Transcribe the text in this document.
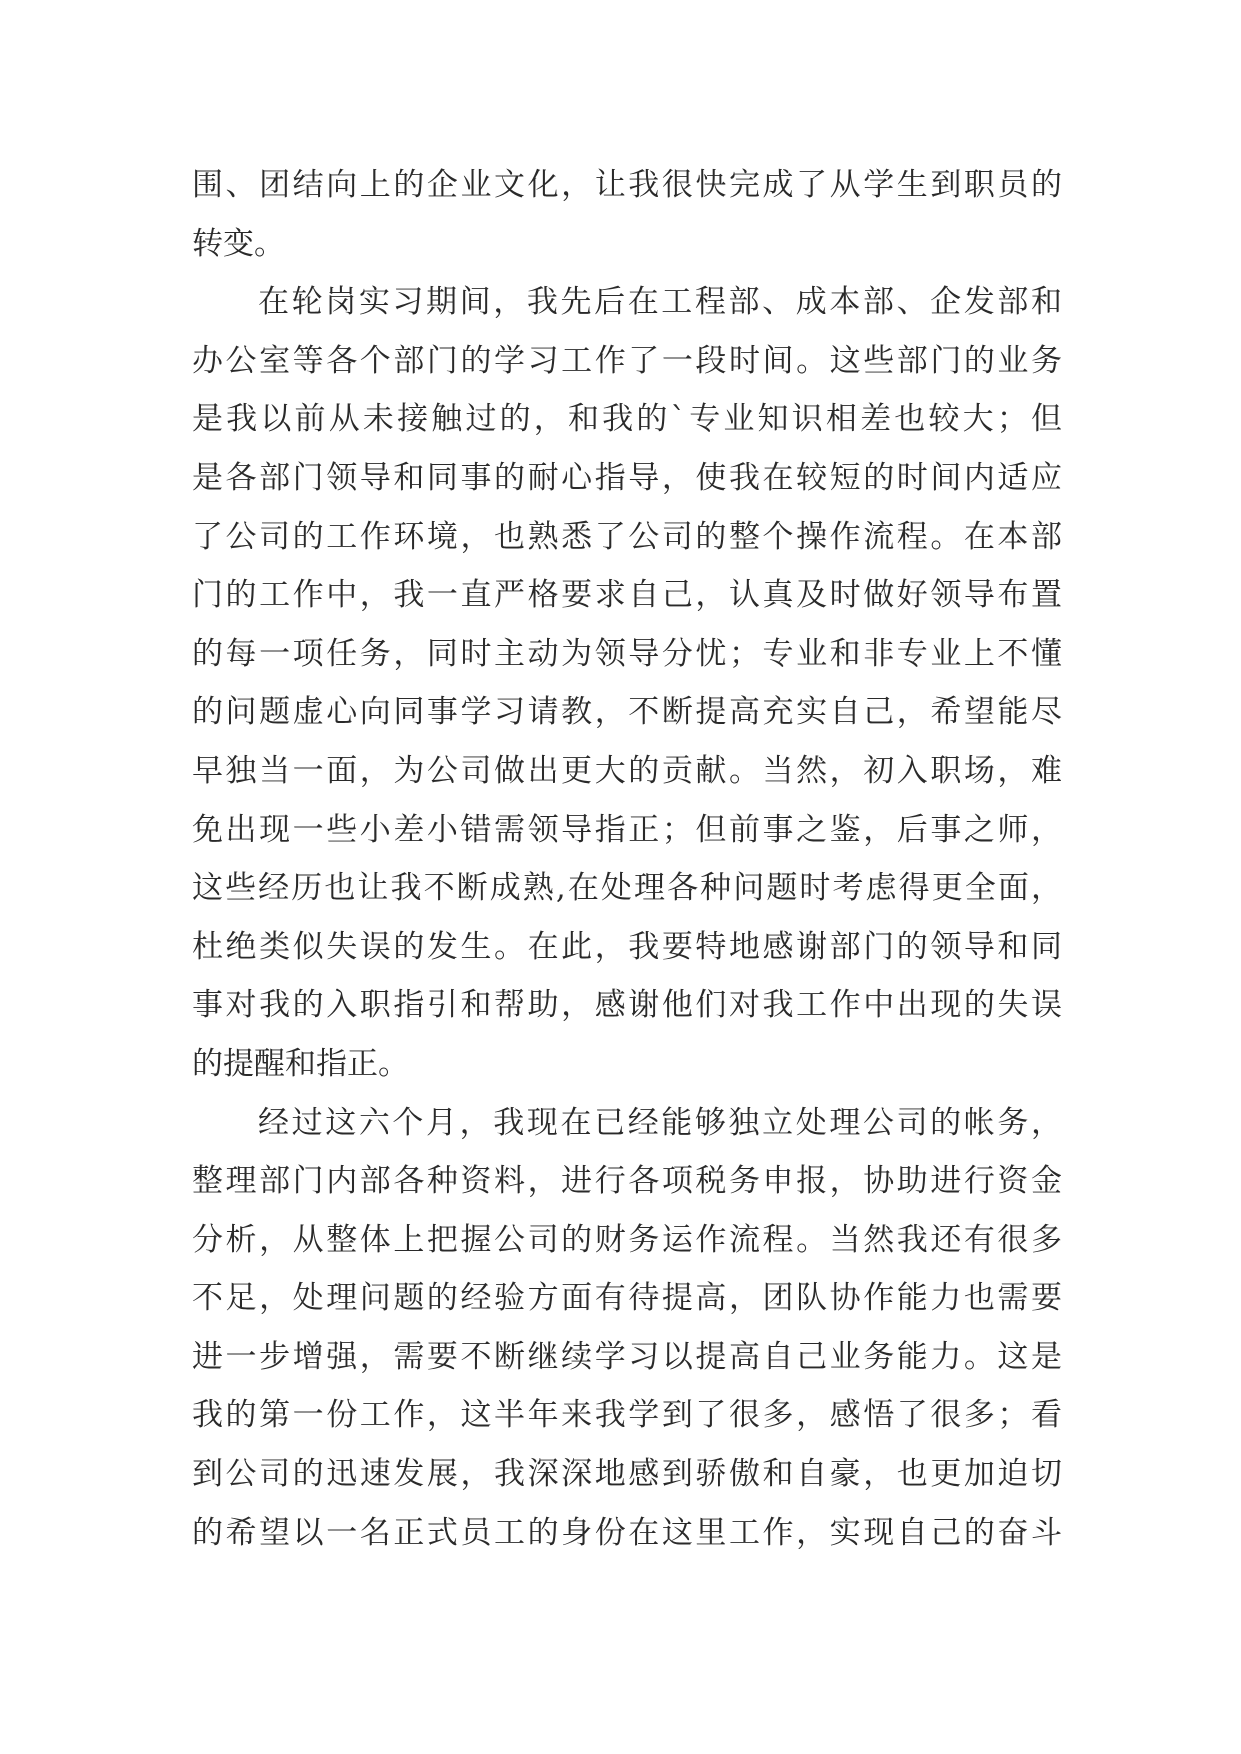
围、团结向上的企业文化，让我很快完成了从学生到职员的
转变。
在轮岗实习期间，我先后在工程部、成本部、企发部和
办公室等各个部门的学习工作了一段时间。这些部门的业务
是我以前从未接触过的，和我的`专业知识相差也较大；但
是各部门领导和同事的耐心指导，使我在较短的时间内适应
了公司的工作环境，也熟悉了公司的整个操作流程。在本部
门的工作中，我一直严格要求自己，认真及时做好领导布置
的每一项任务，同时主动为领导分忧；专业和非专业上不懂
的问题虚心向同事学习请教，不断提高充实自己，希望能尽
早独当一面，为公司做出更大的贡献。当然，初入职场，难
免出现一些小差小错需领导指正；但前事之鉴，后事之师，
这些经历也让我不断成熟,在处理各种问题时考虑得更全面，
杜绝类似失误的发生。在此，我要特地感谢部门的领导和同
事对我的入职指引和帮助，感谢他们对我工作中出现的失误
的提醒和指正。
经过这六个月，我现在已经能够独立处理公司的帐务，
整理部门内部各种资料，进行各项税务申报，协助进行资金
分析，从整体上把握公司的财务运作流程。当然我还有很多
不足，处理问题的经验方面有待提高，团队协作能力也需要
进一步增强，需要不断继续学习以提高自己业务能力。这是
我的第一份工作，这半年来我学到了很多，感悟了很多；看
到公司的迅速发展，我深深地感到骄傲和自豪，也更加迫切
的希望以一名正式员工的身份在这里工作，实现自己的奋斗
